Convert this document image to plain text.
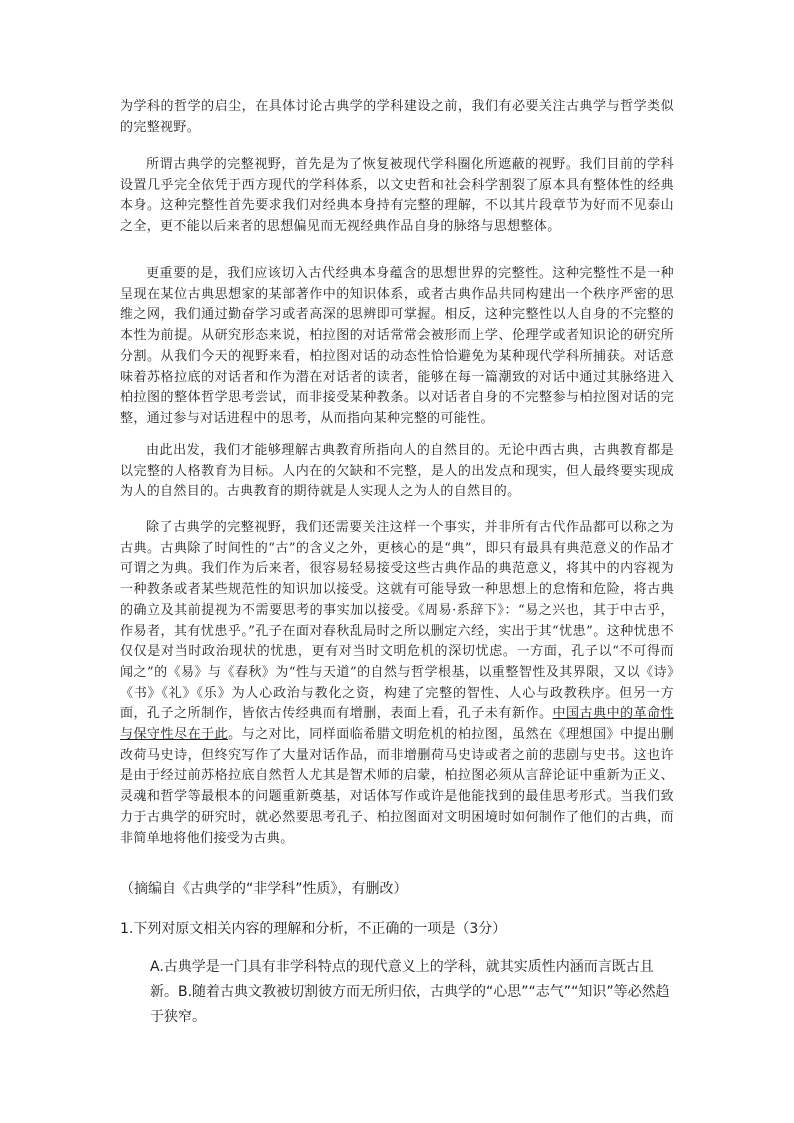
为学科的哲学的启尘，在具体讨论古典学的学科建设之前，我们有必要关注古典学与哲学类似的完整视野。

所谓古典学的完整视野，首先是为了恢复被现代学科圈化所遮蔽的视野。我们目前的学科设置几乎完全依凭于西方现代的学科体系，以文史哲和社会科学割裂了原本具有整体性的经典本身。这种完整性首先要求我们对经典本身持有完整的理解，不以其片段章节为好而不见泰山之全，更不能以后来者的思想偏见而无视经典作品自身的脉络与思想整体。

更重要的是，我们应该切入古代经典本身蕴含的思想世界的完整性。这种完整性不是一种呈现在某位古典思想家的某部著作中的知识体系，或者古典作品共同构建出一个秩序严密的思维之网，我们通过勤奋学习或者高深的思辨即可掌握。相反，这种完整性以人自身的不完整的本性为前提。从研究形态来说，柏拉图的对话常常会被形而上学、伦理学或者知识论的研究所分割。从我们今天的视野来看，柏拉图对话的动态性恰恰避免为某种现代学科所捕获。对话意味着苏格拉底的对话者和作为潜在对话者的读者，能够在每一篇潮致的对话中通过其脉络进入柏拉图的整体哲学思考尝试，而非接受某种教条。以对话者自身的不完整参与柏拉图对话的完整，通过参与对话进程中的思考，从而指向某种完整的可能性。

由此出发，我们才能够理解古典教育所指向人的自然目的。无论中西古典，古典教育都是以完整的人格教育为目标。人内在的欠缺和不完整，是人的出发点和现实，但人最终要实现成为人的自然目的。古典教育的期待就是人实现人之为人的自然目的。

除了古典学的完整视野，我们还需要关注这样一个事实，并非所有古代作品都可以称之为古典。古典除了时间性的“古”的含义之外，更核心的是“典”，即只有最具有典范意义的作品才可谓之为典。我们作为后来者，很容易轻易接受这些古典作品的典范意义，将其中的内容视为一种教条或者某些规范性的知识加以接受。这就有可能导致一种思想上的怠惰和危险，将古典的确立及其前提视为不需要思考的事实加以接受。《周易·系辞下》：“易之兴也，其于中古乎，作易者，其有忧患乎。”孔子在面对春秋乱局时之所以删定六经，实出于其“忧患”。这种忧患不仅仅是对当时政治现状的忧患，更有对当时文明危机的深切忧虑。一方面，孔子以“不可得而闻之”的《易》与《春秋》为“性与天道”的自然与哲学根基，以重整智性及其界限，又以《诗》《书》《礼》《乐》为人心政治与教化之资，构建了完整的智性、人心与政教秩序。但另一方面，孔子之所制作，皆依古传经典而有增删，表面上看，孔子未有新作。中国古典中的革命性与保守性尽在于此。与之对比，同样面临希腊文明危机的柏拉图，虽然在《理想国》中提出删改荷马史诗，但终究写作了大量对话作品，而非增删荷马史诗或者之前的悲剧与史书。这也许是由于经过前苏格拉底自然哲人尤其是智术师的启蒙，柏拉图必须从言辞论证中重新为正义、灵魂和哲学等最根本的问题重新奠基，对话体写作或许是他能找到的最佳思考形式。当我们致力于古典学的研究时，就必然要思考孔子、柏拉图面对文明困境时如何制作了他们的古典，而非简单地将他们接受为古典。

（摘编自《古典学的“非学科”性质》，有删改）

1.下列对原文相关内容的理解和分析，不正确的一项是（3分）

A.古典学是一门具有非学科特点的现代意义上的学科，就其实质性内涵而言既古且新。B.随着古典文教被切割彼方而无所归依，古典学的“心思”“志气”“知识”等必然趋于狭窄。
